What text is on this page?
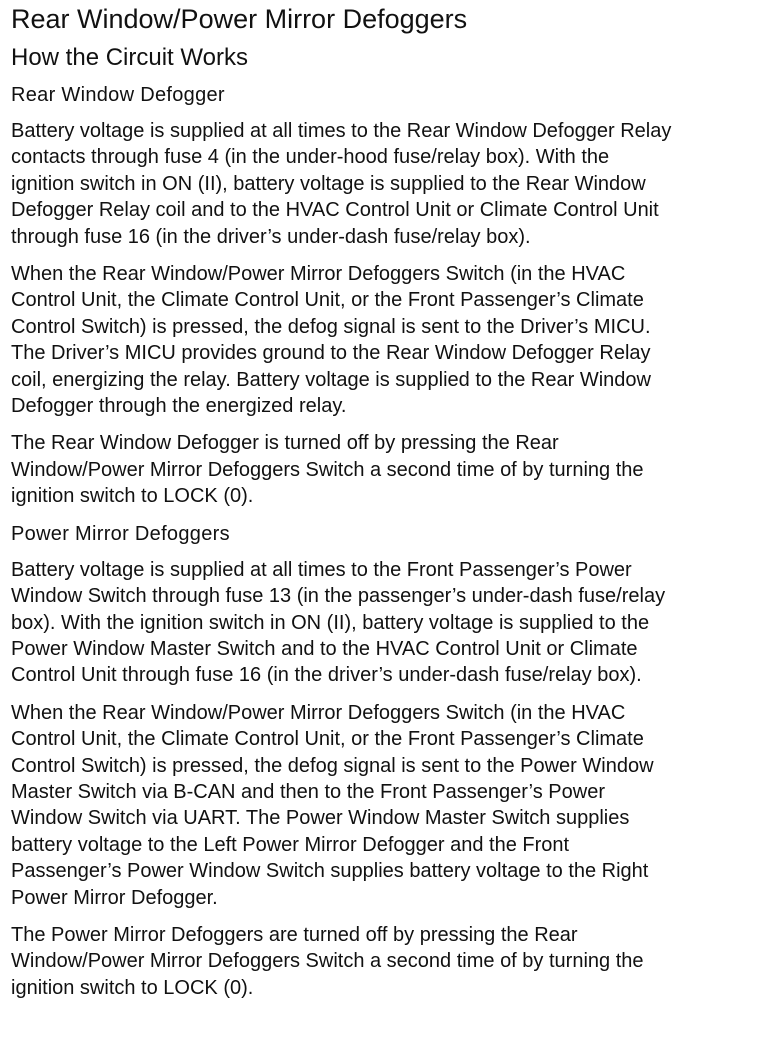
Rear Window/Power Mirror Defoggers
How the Circuit Works
Rear Window Defogger
Battery voltage is supplied at all times to the Rear Window Defogger Relay
contacts through fuse 4 (in the under-hood fuse/relay box). With the
ignition switch in ON (II), battery voltage is supplied to the Rear Window
Defogger Relay coil and to the HVAC Control Unit or Climate Control Unit
through fuse 16 (in the driver’s under-dash fuse/relay box).
When the Rear Window/Power Mirror Defoggers Switch (in the HVAC
Control Unit, the Climate Control Unit, or the Front Passenger’s Climate
Control Switch) is pressed, the defog signal is sent to the Driver’s MICU.
The Driver’s MICU provides ground to the Rear Window Defogger Relay
coil, energizing the relay. Battery voltage is supplied to the Rear Window
Defogger through the energized relay.
The Rear Window Defogger is turned off by pressing the Rear
Window/Power Mirror Defoggers Switch a second time of by turning the
ignition switch to LOCK (0).
Power Mirror Defoggers
Battery voltage is supplied at all times to the Front Passenger’s Power
Window Switch through fuse 13 (in the passenger’s under-dash fuse/relay
box). With the ignition switch in ON (II), battery voltage is supplied to the
Power Window Master Switch and to the HVAC Control Unit or Climate
Control Unit through fuse 16 (in the driver’s under-dash fuse/relay box).
When the Rear Window/Power Mirror Defoggers Switch (in the HVAC
Control Unit, the Climate Control Unit, or the Front Passenger’s Climate
Control Switch) is pressed, the defog signal is sent to the Power Window
Master Switch via B-CAN and then to the Front Passenger’s Power
Window Switch via UART. The Power Window Master Switch supplies
battery voltage to the Left Power Mirror Defogger and the Front
Passenger’s Power Window Switch supplies battery voltage to the Right
Power Mirror Defogger.
The Power Mirror Defoggers are turned off by pressing the Rear
Window/Power Mirror Defoggers Switch a second time of by turning the
ignition switch to LOCK (0).
